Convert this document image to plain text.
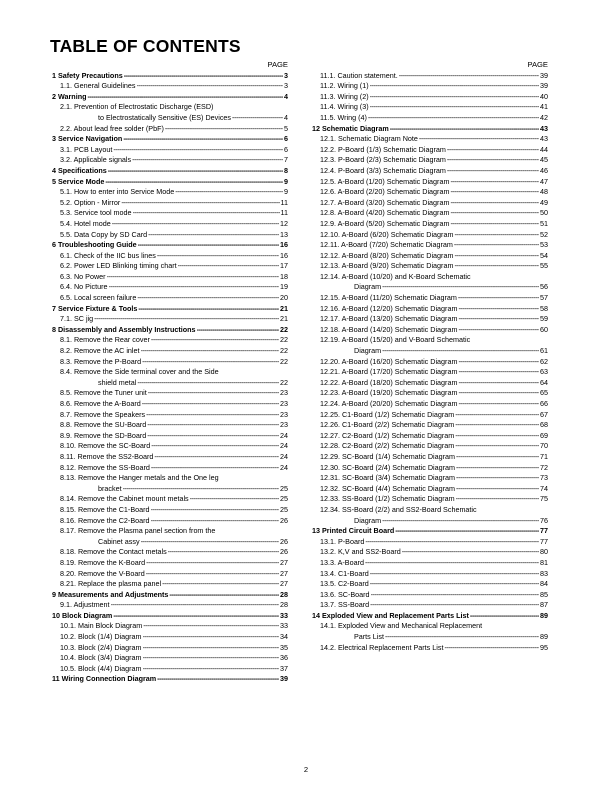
TABLE OF CONTENTS
PAGE
1 Safety Precautions -----	3
1.1. General Guidelines -----	3
2 Warning -----	4
2.1. Prevention of Electrostatic Discharge (ESD)
to Electrostatically Sensitive (ES) Devices -----	4
2.2. About lead free solder (PbF) -----	5
3 Service Navigation -----	6
3.1. PCB Layout -----	6
3.2. Applicable signals -----	7
4 Specifications -----	8
5 Service Mode -----	9
5.1. How to enter into Service Mode -----	9
5.2. Option - Mirror -----	11
5.3. Service tool mode -----	11
5.4. Hotel mode -----	12
5.5. Data Copy by SD Card -----	13
6 Troubleshooting Guide -----	16
6.1. Check of the IIC bus lines -----	16
6.2. Power LED Blinking timing chart -----	17
6.3. No Power -----	18
6.4. No Picture -----	19
6.5. Local screen failure -----	20
7 Service Fixture & Tools -----	21
7.1. SC jig -----	21
8 Disassembly and Assembly Instructions -----	22
8.1. Remove the Rear cover -----	22
8.2. Remove the AC inlet -----	22
8.3. Remove the P-Board -----	22
8.4. Remove the Side terminal cover and the Side
shield metal -----	22
8.5. Remove the Tuner unit -----	23
8.6. Remove the A-Board -----	23
8.7. Remove the Speakers -----	23
8.8. Remove the SU-Board -----	23
8.9. Remove the SD-Board -----	24
8.10. Remove the SC-Board -----	24
8.11. Remove the SS2-Board -----	24
8.12. Remove the SS-Board -----	24
8.13. Remove the Hanger metals and the One leg
bracket -----	25
8.14. Remove the Cabinet mount metals -----	25
8.15. Remove the C1-Board -----	25
8.16. Remove the C2-Board -----	26
8.17. Remove the Plasma panel section from the
Cabinet assy -----	26
8.18. Remove the Contact metals -----	26
8.19. Remove the K-Board -----	27
8.20. Remove the V-Board -----	27
8.21. Replace the plasma panel -----	27
9 Measurements and Adjustments -----	28
9.1. Adjustment -----	28
10 Block Diagram -----	33
10.1. Main Block Diagram -----	33
10.2. Block (1/4) Diagram -----	34
10.3. Block (2/4) Diagram -----	35
10.4. Block (3/4) Diagram -----	36
10.5. Block (4/4) Diagram -----	37
11 Wiring Connection Diagram -----	39
PAGE
11.1. Caution statement. -----	39
11.2. Wiring (1) -----	39
11.3. Wiring (2) -----	40
11.4. Wiring (3) -----	41
11.5. Wring (4) -----	42
12 Schematic Diagram -----	43
12.1. Schematic Diagram Note -----	43
12.2. P-Board (1/3) Schematic Diagram -----	44
12.3. P-Board (2/3) Schematic Diagram -----	45
12.4. P-Board (3/3) Schematic Diagram -----	46
12.5. A-Board (1/20) Schematic Diagram -----	47
12.6. A-Board (2/20) Schematic Diagram -----	48
12.7. A-Board (3/20) Schematic Diagram -----	49
12.8. A-Board (4/20) Schematic Diagram -----	50
12.9. A-Board (5/20) Schematic Diagram -----	51
12.10. A-Board (6/20) Schematic Diagram -----	52
12.11. A-Board (7/20) Schematic Diagram -----	53
12.12. A-Board (8/20) Schematic Diagram -----	54
12.13. A-Board (9/20) Schematic Diagram -----	55
12.14. A-Board (10/20) and K-Board Schematic
Diagram -----	56
12.15. A-Board (11/20) Schematic Diagram -----	57
12.16. A-Board (12/20) Schematic Diagram -----	58
12.17. A-Board (13/20) Schematic Diagram -----	59
12.18. A-Board (14/20) Schematic Diagram -----	60
12.19. A-Board (15/20) and V-Board Schematic
Diagram -----	61
12.20. A-Board (16/20) Schematic Diagram -----	62
12.21. A-Board (17/20) Schematic Diagram -----	63
12.22. A-Board (18/20) Schematic Diagram -----	64
12.23. A-Board (19/20) Schematic Diagram -----	65
12.24. A-Board (20/20) Schematic Diagram -----	66
12.25. C1-Board (1/2) Schematic Diagram -----	67
12.26. C1-Board (2/2) Schematic Diagram -----	68
12.27. C2-Board (1/2) Schematic Diagram -----	69
12.28. C2-Board (2/2) Schematic Diagram -----	70
12.29. SC-Board (1/4) Schematic Diagram -----	71
12.30. SC-Board (2/4) Schematic Diagram -----	72
12.31. SC-Board (3/4) Schematic Diagram -----	73
12.32. SC-Board (4/4) Schematic Diagram -----	74
12.33. SS-Board (1/2) Schematic Diagram -----	75
12.34. SS-Board (2/2) and SS2-Board Schematic
Diagram -----	76
13 Printed Circuit Board -----	77
13.1. P-Board -----	77
13.2. K,V and SS2-Board -----	80
13.3. A-Board -----	81
13.4. C1-Board -----	83
13.5. C2-Board -----	84
13.6. SC-Board -----	85
13.7. SS-Board -----	87
14 Exploded View and Replacement Parts List -----	89
14.1. Exploded View and Mechanical Replacement
Parts List -----	89
14.2. Electrical Replacement Parts List -----	95
2
